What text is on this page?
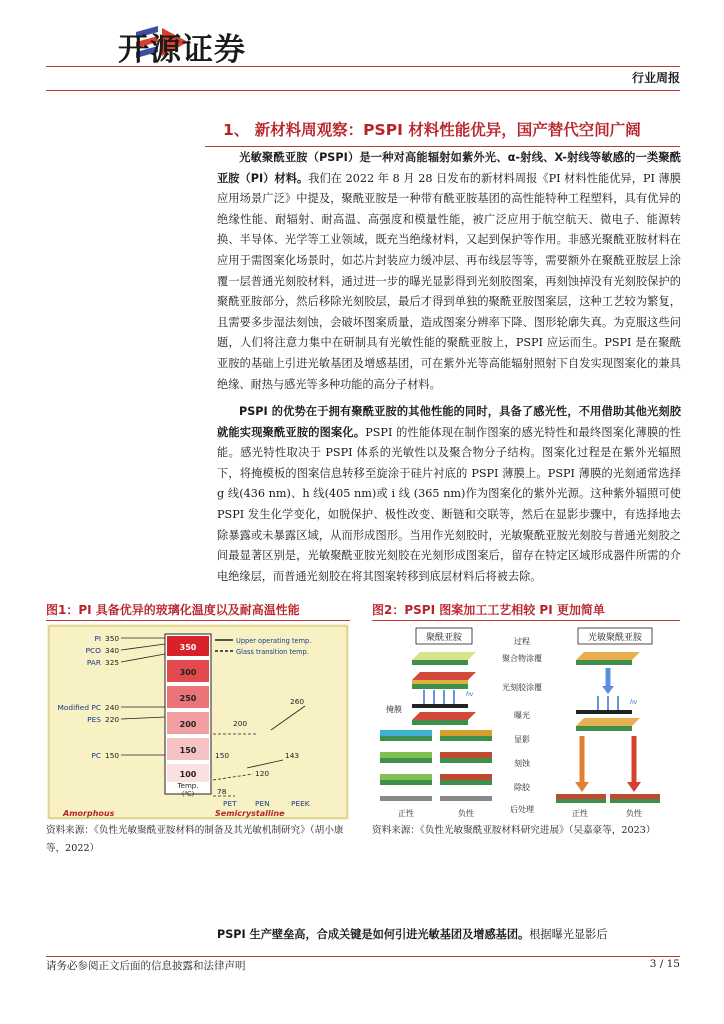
开源证券
行业周报
1、 新材料周观察：PSPI 材料性能优异，国产替代空间广阔
光敏聚酰亚胺（PSPI）是一种对高能辐射如紫外光、α-射线、X-射线等敏感的一类聚酰亚胺（PI）材料。我们在 2022 年 8 月 28 日发布的新材料周报《PI 材料性能优异，PI 薄膜应用场景广泛》中提及，聚酰亚胺是一种带有酰亚胺基团的高性能特种工程塑料，具有优异的绝缘性能、耐辐射、耐高温、高强度和模量性能，被广泛应用于航空航天、微电子、能源转换、半导体、光学等工业领域，既充当绝缘材料，又起到保护等作用。非感光聚酰亚胺材料在应用于需图案化场景时，如芯片封装应力缓冲层、再布线层等等，需要额外在聚酰亚胺层上涂覆一层普通光刻胶材料，通过进一步的曝光显影得到光刻胶图案，再刻蚀掉没有光刻胶保护的聚酰亚胺部分，然后移除光刻胶层，最后才得到单独的聚酰亚胺图案层，这种工艺较为繁复，且需要多步湿法刻蚀，会破坏图案质量，造成图案分辨率下降、图形轮廓失真。为克服这些问题，人们将注意力集中在研制具有光敏性能的聚酰亚胺上，PSPI 应运而生。PSPI 是在聚酰亚胺的基础上引进光敏基团及增感基团，可在紫外光等高能辐射照射下自发实现图案化的兼具绝缘、耐热与感光等多种功能的高分子材料。
PSPI 的优势在于拥有聚酰亚胺的其他性能的同时，具备了感光性，不用借助其他光刻胶就能实现聚酰亚胺的图案化。PSPI 的性能体现在制作图案的感光特性和最终图案化薄膜的性能。感光特性取决于 PSPI 体系的光敏性以及聚合物分子结构。图案化过程是在紫外光辐照下，将掩模板的图案信息转移至旋涂于硅片衬底的 PSPI 薄膜上。PSPI 薄膜的光刻通常选择 g 线(436 nm)、h 线(405 nm)或 i 线 (365 nm)作为图案化的紫外光源。这种紫外辐照可使 PSPI 发生化学变化，如脱保护、极性改变、断链和交联等，然后在显影步骤中，有选择地去除暴露或未暴露区域，从而形成图形。当用作光刻胶时，光敏聚酰亚胺光刻胶与普通光刻胶之间最显著区别是，光敏聚酰亚胺光刻胶在光刻形成图案后，留存在特定区域形成器件所需的介电绝缘层，而普通光刻胶在将其图案转移到底层材料后将被去除。
图1：PI 具备优异的玻璃化温度以及耐高温性能	图2：PSPI 图案加工工艺相较 PI 更加简单
350
300
250
200
150
100
Temp.
(℃)
Upper operating temp.
Glass transition temp.
PI 350
PCO 340
PAR 325
Modified PC 240
PES 220
PC 150
260
200
150	143
120
78
PET PEN	PEEK
Amorphous	Semicrystalline
聚酰亚胺	光敏聚酰亚胺
过程
聚合物涂覆
光刻胶涂覆
曝光
显影
刻蚀
除胶
后处理
掩膜
hv
正性	负性
hv
正性	负性
资料来源：《负性光敏聚酰亚胺材料的制备及其光敏机制研究》（胡小康等，2022）
资料来源：《负性光敏聚酰亚胺材料研究进展》（吴嘉豪等，2023）
PSPI 生产壁垒高，合成关键是如何引进光敏基团及增感基团。根据曝光显影后
请务必参阅正文后面的信息披露和法律声明	3 / 15
